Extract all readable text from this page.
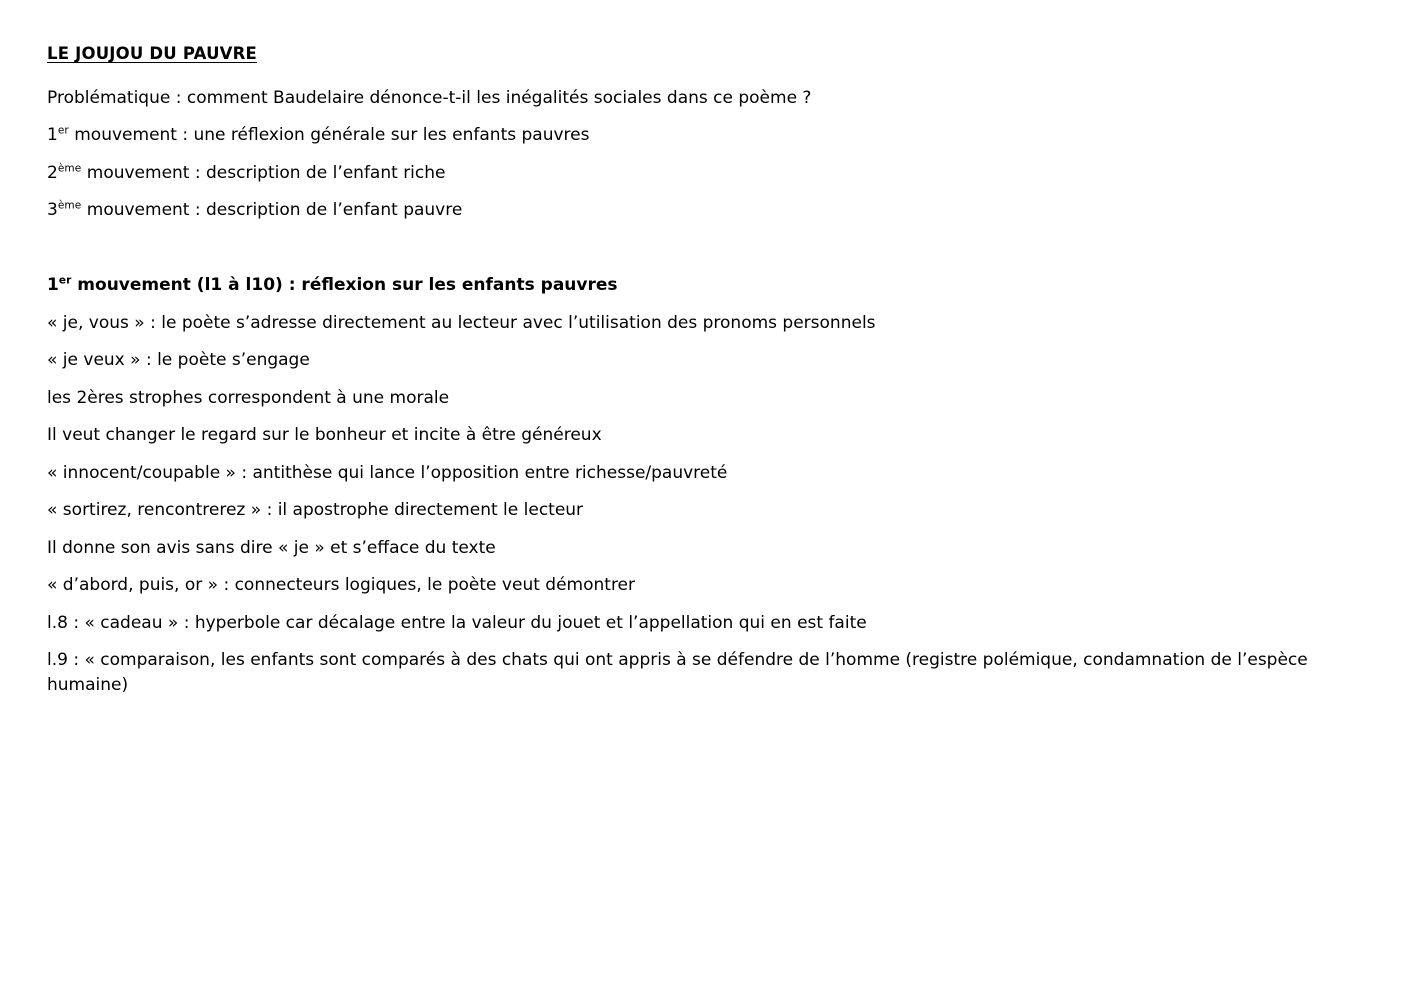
LE JOUJOU DU PAUVRE

Problématique : comment Baudelaire dénonce-t-il les inégalités sociales dans ce poème ?

1er mouvement : une réflexion générale sur les enfants pauvres

2ème mouvement : description de l’enfant riche

3ème mouvement : description de l’enfant pauvre

1er mouvement (l1 à l10) : réflexion sur les enfants pauvres

« je, vous » : le poète s’adresse directement au lecteur avec l’utilisation des pronoms personnels

« je veux » : le poète s’engage

les 2ères strophes correspondent à une morale

Il veut changer le regard sur le bonheur et incite à être généreux

« innocent/coupable » : antithèse qui lance l’opposition entre richesse/pauvreté

« sortirez, rencontrerez » : il apostrophe directement le lecteur

Il donne son avis sans dire « je » et s’efface du texte

« d’abord, puis, or » : connecteurs logiques, le poète veut démontrer

l.8 : « cadeau » : hyperbole car décalage entre la valeur du jouet et l’appellation qui en est faite

l.9 : « comparaison, les enfants sont comparés à des chats qui ont appris à se défendre de l’homme (registre polémique, condamnation de l’espèce humaine)
